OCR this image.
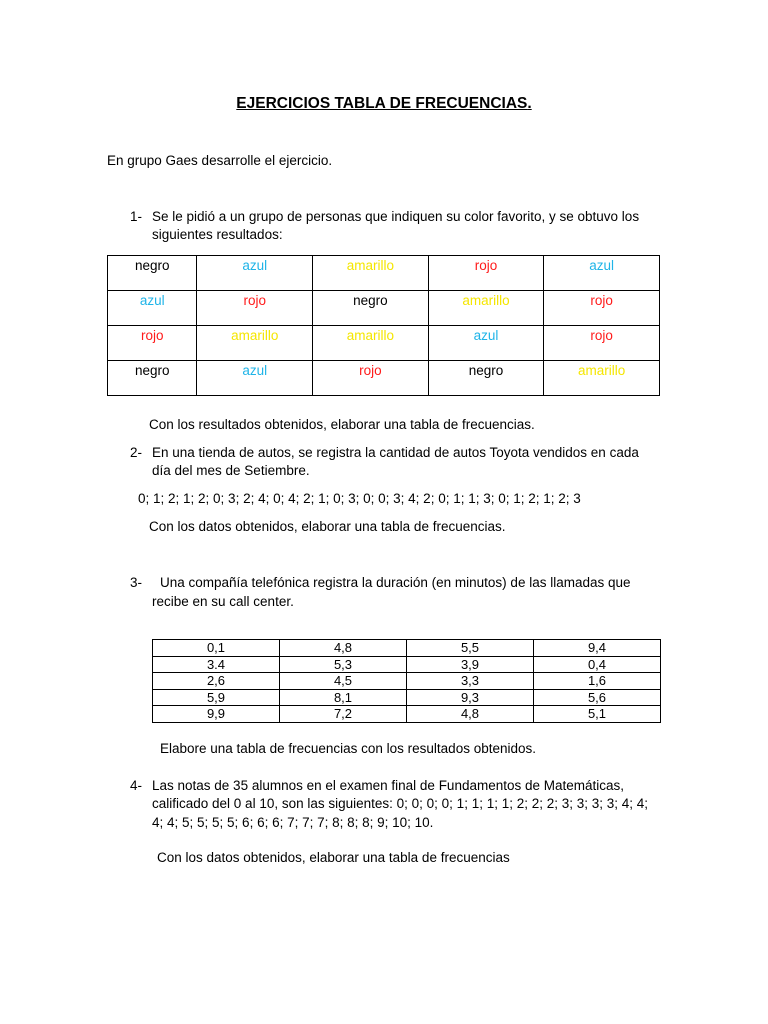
EJERCICIOS TABLA DE FRECUENCIAS.
En grupo Gaes desarrolle el ejercicio.
1- Se le pidió a un grupo de personas que indiquen su color favorito, y se obtuvo los
siguientes resultados:
negro	azul	amarillo	rojo	azul
azul	rojo	negro	amarillo	rojo
rojo	amarillo	amarillo	azul	rojo
negro	azul	rojo	negro	amarillo
Con los resultados obtenidos, elaborar una tabla de frecuencias.
2- En una tienda de autos, se registra la cantidad de autos Toyota vendidos en cada
día del mes de Setiembre.
0; 1; 2; 1; 2; 0; 3; 2; 4; 0; 4; 2; 1; 0; 3; 0; 0; 3; 4; 2; 0; 1; 1; 3; 0; 1; 2; 1; 2; 3
Con los datos obtenidos, elaborar una tabla de frecuencias.
3-	Una compañía telefónica registra la duración (en minutos) de las llamadas que
recibe en su call center.
0,1	4,8	5,5	9,4
3.4	5,3	3,9	0,4
2,6	4,5	3,3	1,6
5,9	8,1	9,3	5,6
9,9	7,2	4,8	5,1
Elabore una tabla de frecuencias con los resultados obtenidos.
4- Las notas de 35 alumnos en el examen final de Fundamentos de Matemáticas,
calificado del 0 al 10, son las siguientes: 0; 0; 0; 0; 1; 1; 1; 1; 2; 2; 2; 3; 3; 3; 3; 4; 4;
4; 4; 5; 5; 5; 5; 6; 6; 6; 7; 7; 7; 8; 8; 8; 9; 10; 10.
Con los datos obtenidos, elaborar una tabla de frecuencias
